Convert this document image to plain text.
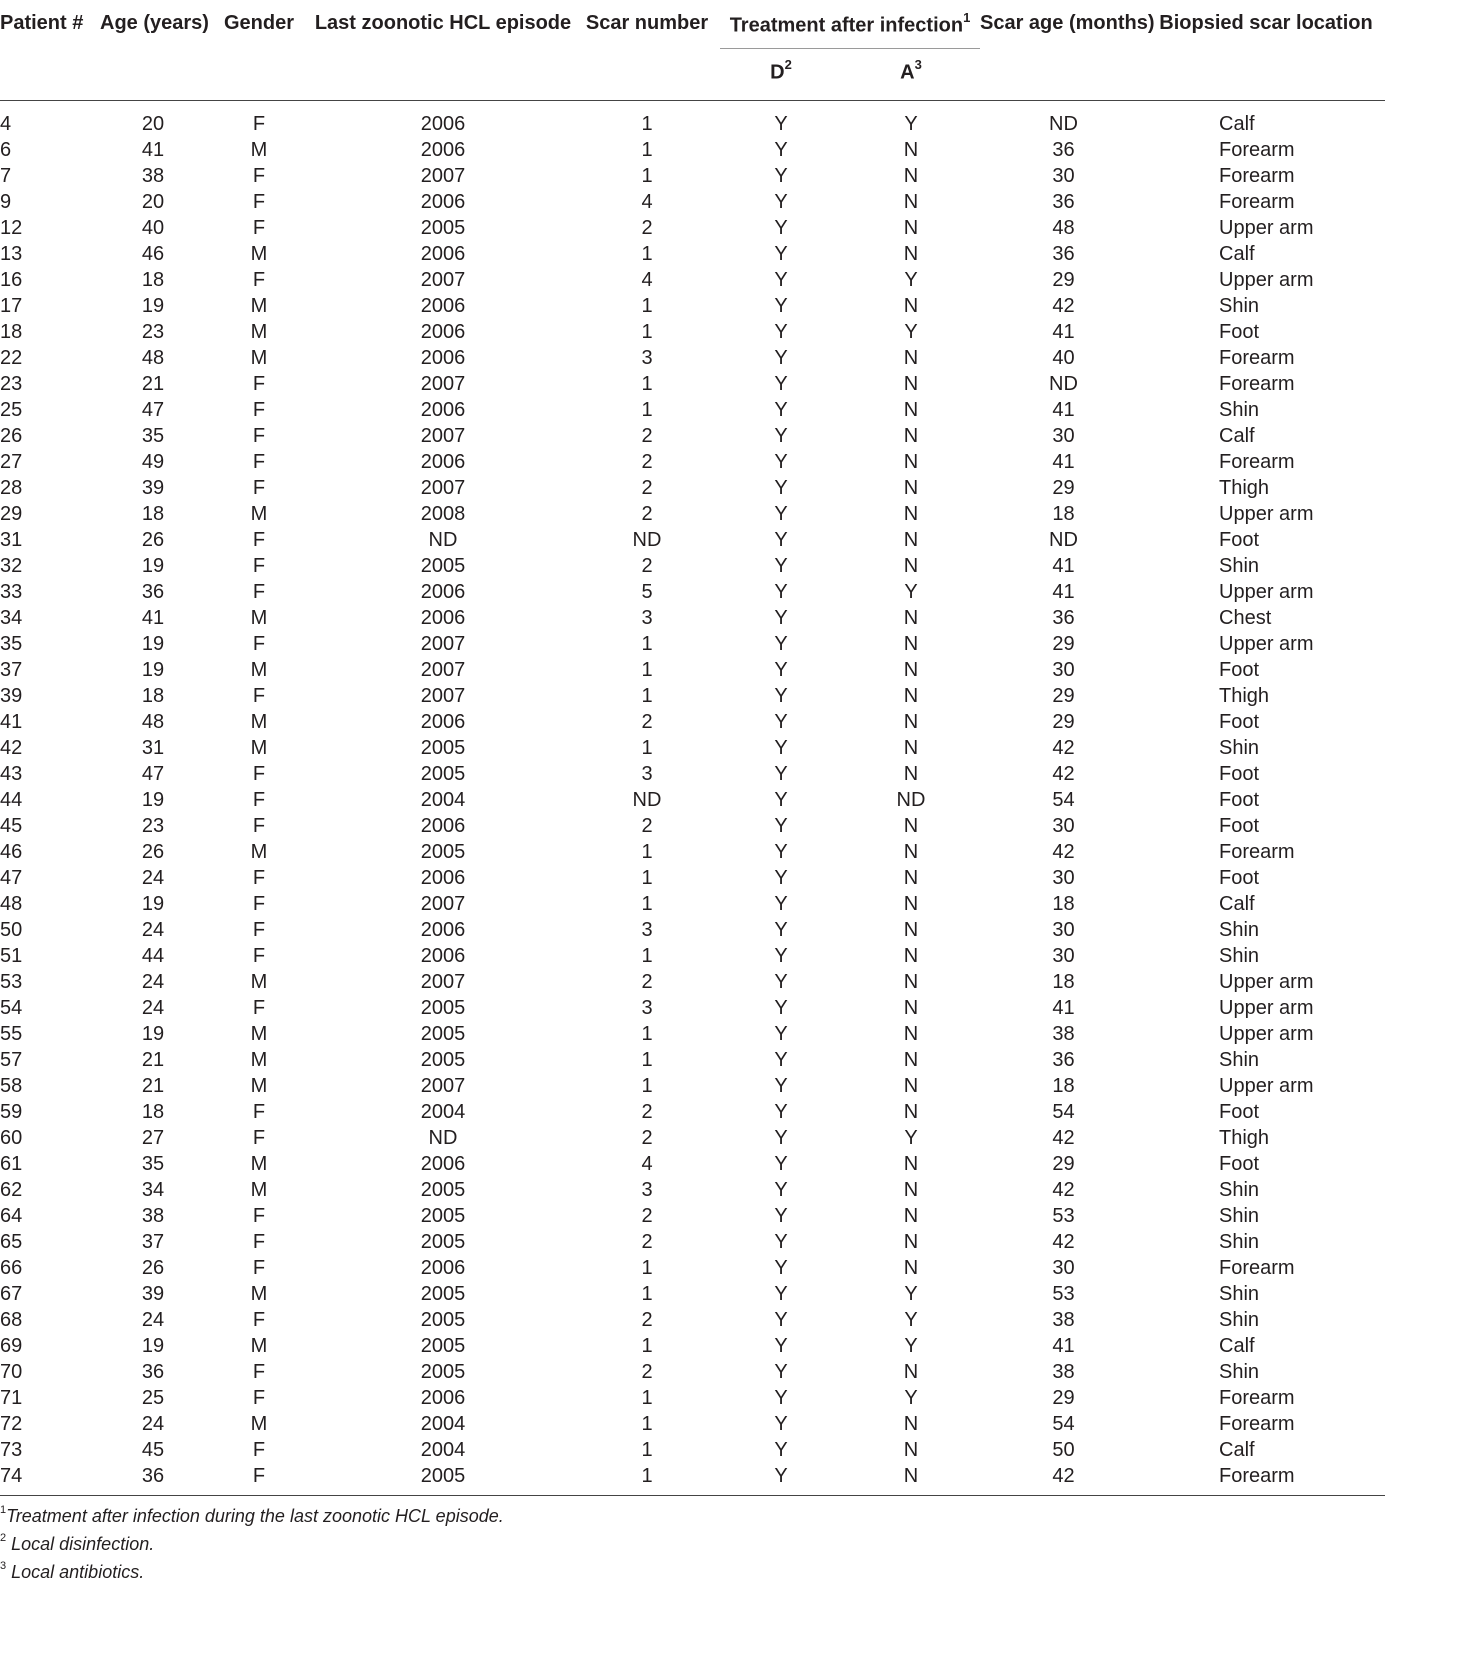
Patient #	Age (years)	Gender	Last zoonotic HCL episode	Scar number	Treatment after infection$^1$		Scar age (months)	Biopsied scar location
					$D^2$	$A^3$
4	20	F	2006	1	Y	Y	ND	Calf
6	41	M	2006	1	Y	N	36	Forearm
7	38	F	2007	1	Y	N	30	Forearm
9	20	F	2006	4	Y	N	36	Forearm
12	40	F	2005	2	Y	N	48	Upper arm
13	46	M	2006	1	Y	N	36	Calf
16	18	F	2007	4	Y	Y	29	Upper arm
17	19	M	2006	1	Y	N	42	Shin
18	23	M	2006	1	Y	Y	41	Foot
22	48	M	2006	3	Y	N	40	Forearm
23	21	F	2007	1	Y	N	ND	Forearm
25	47	F	2006	1	Y	N	41	Shin
26	35	F	2007	2	Y	N	30	Calf
27	49	F	2006	2	Y	N	41	Forearm
28	39	F	2007	2	Y	N	29	Thigh
29	18	M	2008	2	Y	N	18	Upper arm
31	26	F	ND	ND	Y	N	ND	Foot
32	19	F	2005	2	Y	N	41	Shin
33	36	F	2006	5	Y	Y	41	Upper arm
34	41	M	2006	3	Y	N	36	Chest
35	19	F	2007	1	Y	N	29	Upper arm
37	19	M	2007	1	Y	N	30	Foot
39	18	F	2007	1	Y	N	29	Thigh
41	48	M	2006	2	Y	N	29	Foot
42	31	M	2005	1	Y	N	42	Shin
43	47	F	2005	3	Y	N	42	Foot
44	19	F	2004	ND	Y	ND	54	Foot
45	23	F	2006	2	Y	N	30	Foot
46	26	M	2005	1	Y	N	42	Forearm
47	24	F	2006	1	Y	N	30	Foot
48	19	F	2007	1	Y	N	18	Calf
50	24	F	2006	3	Y	N	30	Shin
51	44	F	2006	1	Y	N	30	Shin
53	24	M	2007	2	Y	N	18	Upper arm
54	24	F	2005	3	Y	N	41	Upper arm
55	19	M	2005	1	Y	N	38	Upper arm
57	21	M	2005	1	Y	N	36	Shin
58	21	M	2007	1	Y	N	18	Upper arm
59	18	F	2004	2	Y	N	54	Foot
60	27	F	ND	2	Y	Y	42	Thigh
61	35	M	2006	4	Y	N	29	Foot
62	34	M	2005	3	Y	N	42	Shin
64	38	F	2005	2	Y	N	53	Shin
65	37	F	2005	2	Y	N	42	Shin
66	26	F	2006	1	Y	N	30	Forearm
67	39	M	2005	1	Y	Y	53	Shin
68	24	F	2005	2	Y	Y	38	Shin
69	19	M	2005	1	Y	Y	41	Calf
70	36	F	2005	2	Y	N	38	Shin
71	25	F	2006	1	Y	Y	29	Forearm
72	24	M	2004	1	Y	N	54	Forearm
73	45	F	2004	1	Y	N	50	Calf
74	36	F	2005	1	Y	N	42	Forearm
$^1$Treatment after infection during the last zoonotic HCL episode.
$^2$ Local disinfection.
$^3$ Local antibiotics.
